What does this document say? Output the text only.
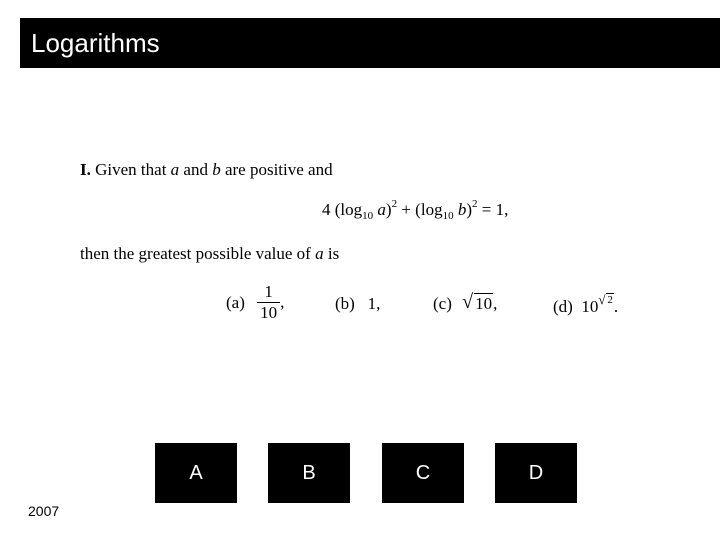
Logarithms
I. Given that a and b are positive and
4 ($\log_{10}$ $a)^2 + (\log_{10}$ b)$^2$ = 1,
then the greatest possible value of a is
$(a) \frac{1}{10}$ ,	(b) 1,	(c) √ 10,	(d) 10 √ 2.
A	B	C	D
2007
